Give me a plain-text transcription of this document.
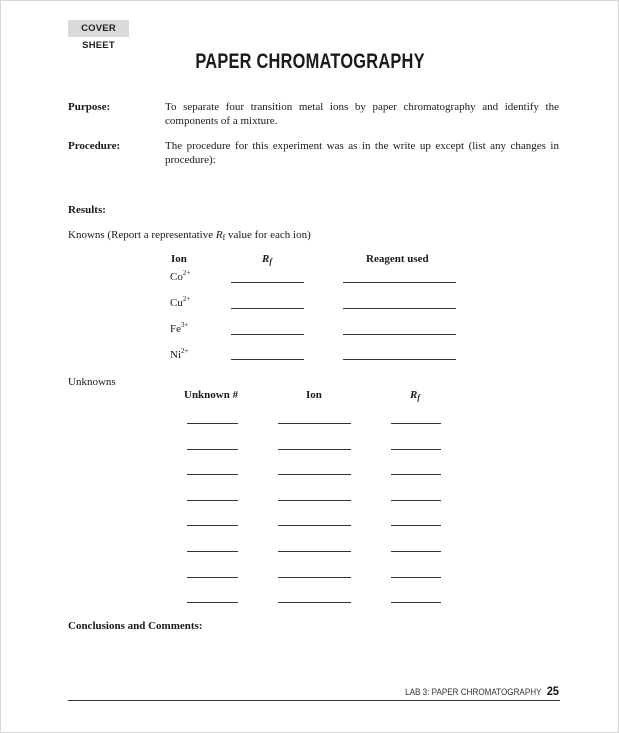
COVER SHEET
PAPER CHROMATOGRAPHY
Purpose:	To separate four transition metal ions by paper chromatography and identify the components of a mixture.
Procedure:	The procedure for this experiment was as in the write up except (list any changes in procedure):
Results:
Knowns (Report a representative $R_f$ value for each ion)
Ion	$R_f$	Reagent used
$Co^{2+}$
$Cu^{2+}$
$Fe^{3+}$
$Ni^{2+}$
Unknowns
Unknown #	Ion	$R_f$
Conclusions and Comments:
LAB 3: PAPER CHROMATOGRAPHY 25
